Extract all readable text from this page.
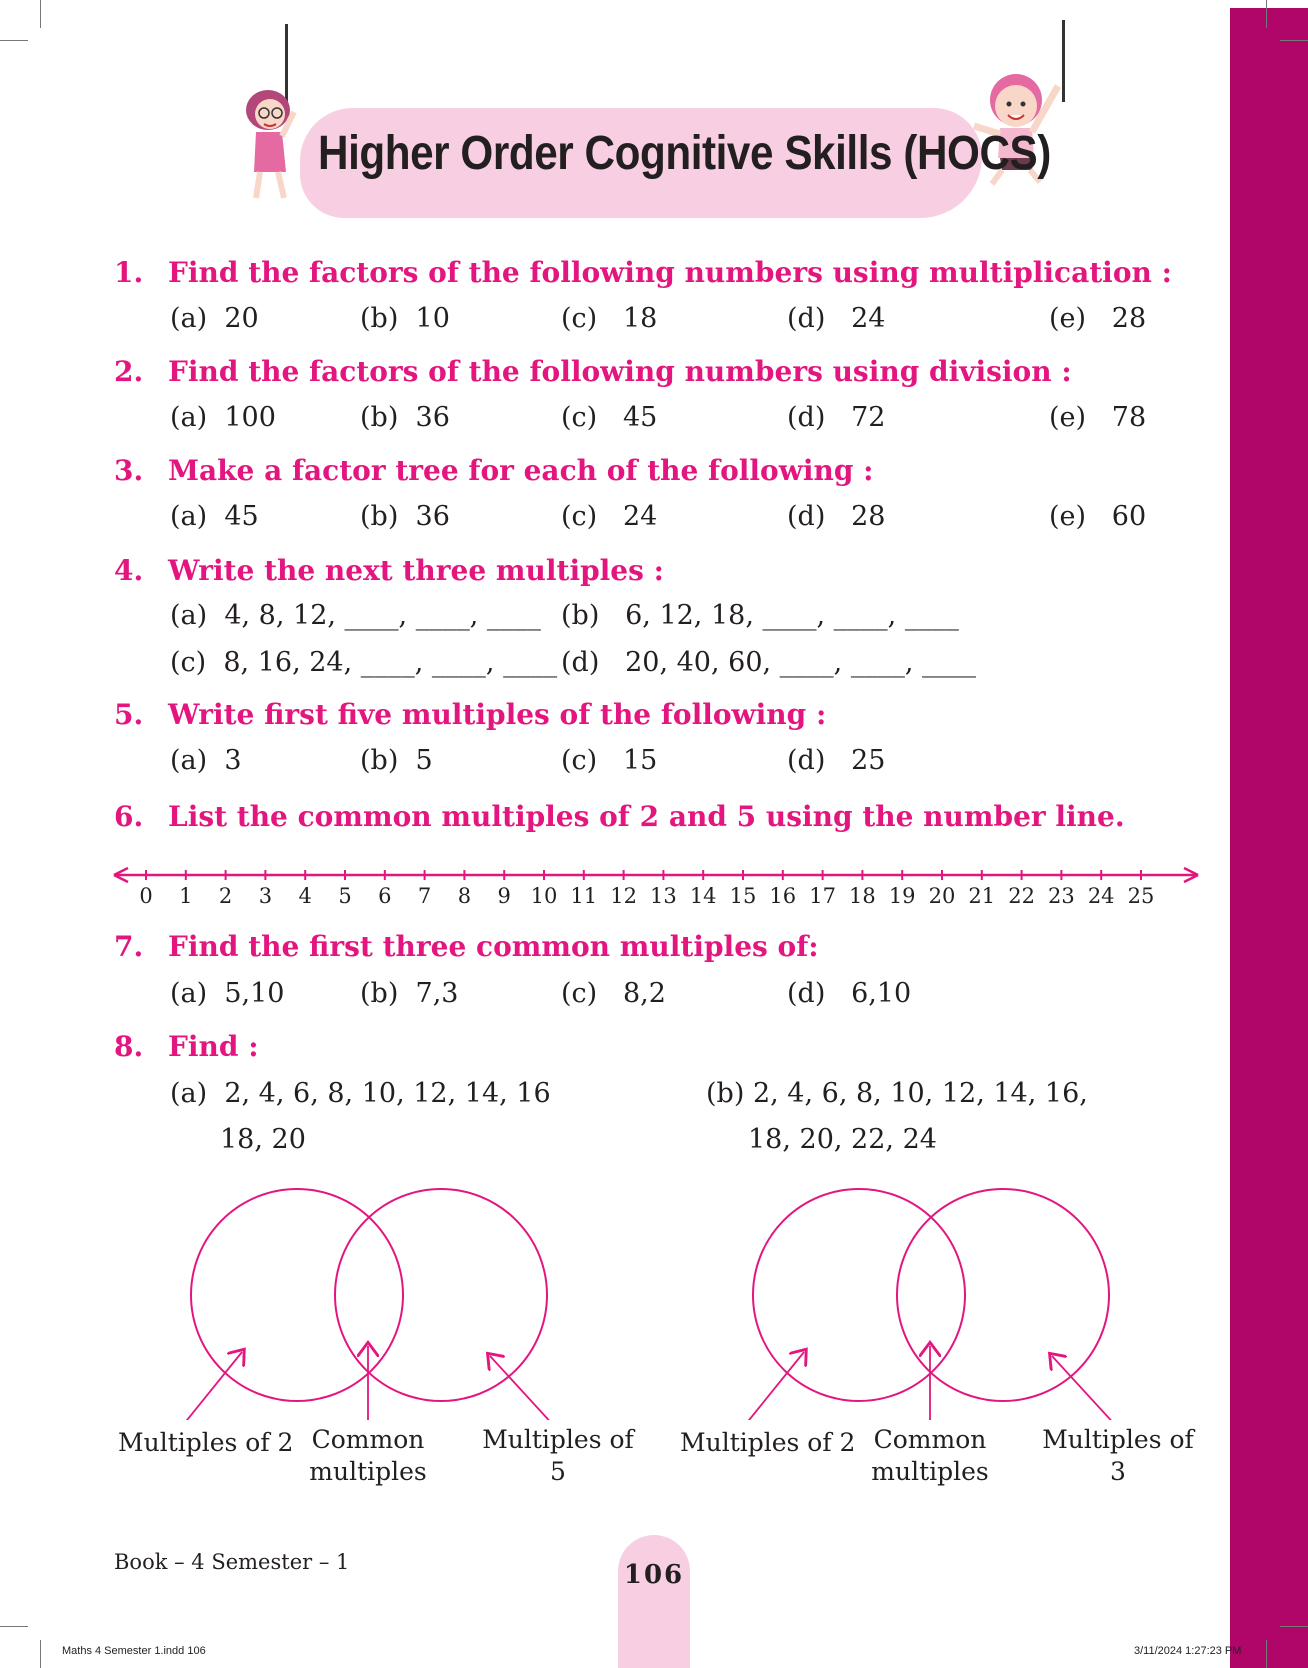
Higher Order Cognitive Skills (HOCS)
1. Find the factors of the following numbers using multiplication :
(a) 20	(b) 10	(c) 18	(d) 24	(e) 28
2. Find the factors of the following numbers using division :
(a) 100	(b) 36	(c) 45	(d) 72	(e) 78
3. Make a factor tree for each of the following :
(a) 45	(b) 36	(c) 24	(d) 28	(e) 60
4. Write the next three multiples :
(a) 4, 8, 12, ____, ____, ____ (b) 6, 12, 18, ____, ____, ____
(c) 8, 16, 24, ____, ____, ____ (d) 20, 40, 60, ____, ____, ____
5. Write first five multiples of the following :
(a) 3	(b) 5	(c) 15	(d) 25
6. List the common multiples of 2 and 5 using the number line.
0	1	2	3	4	5	6	7	8	9 10 11 12 13 14 15 16 17 18 19 20 21 22 23 24 25
7. Find the first three common multiples of:
(a) 5,10	(b) 7,3	(c) 8,2	(d) 6,10
8. Find :
(a) 2, 4, 6, 8, 10, 12, 14, 16
18, 20
(b) 2, 4, 6, 8, 10, 12, 14, 16,
18, 20, 22, 24
Multiples of 2 Common
multiples
Multiples of
5
Multiples of 2 Common
multiples
Multiples of
3
Book – 4 Semester – 1	106
Maths 4 Semester 1.indd 106	3/11/2024 1:27:23 PM
